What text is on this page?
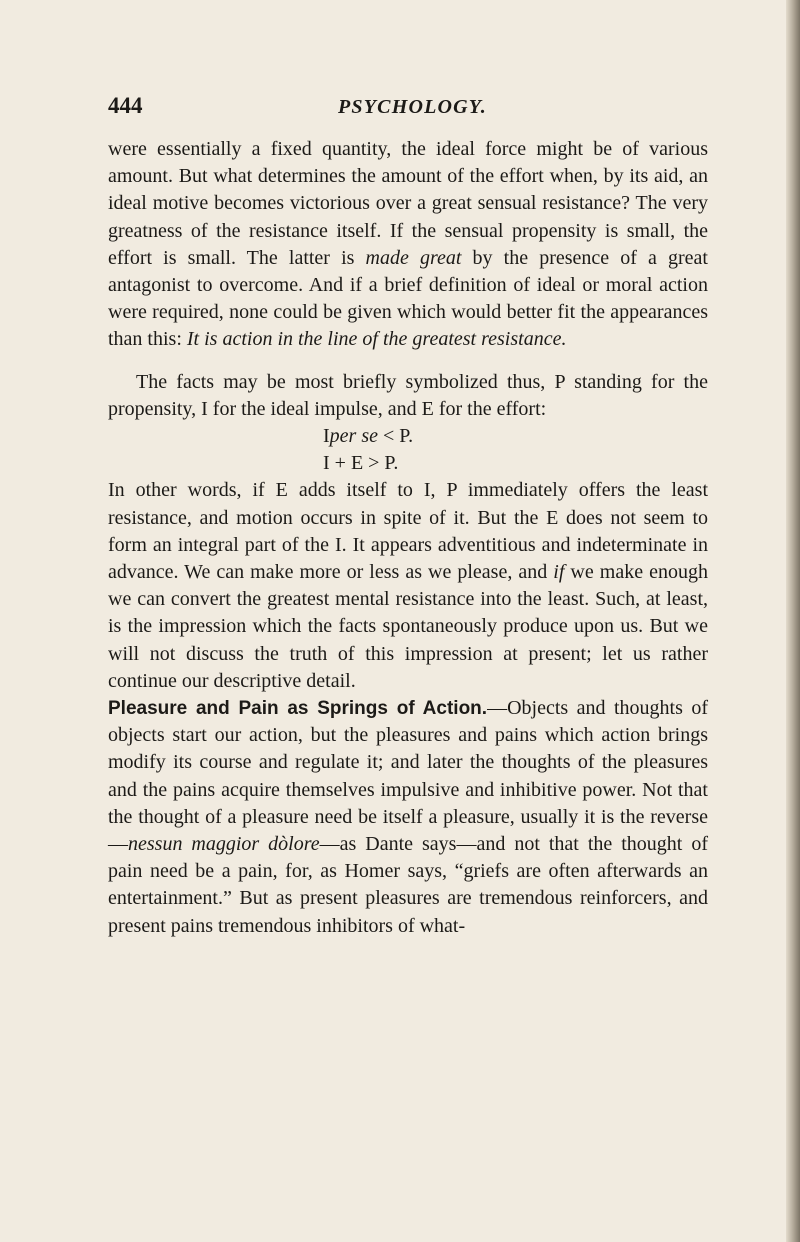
444	PSYCHOLOGY.

were essentially a fixed quantity, the ideal force might be of various amount. But what determines the amount of the effort when, by its aid, an ideal motive becomes victorious over a great sensual resistance? The very greatness of the resistance itself. If the sensual propensity is small, the effort is small. The latter is made great by the presence of a great antagonist to overcome. And if a brief definition of ideal or moral action were required, none could be given which would better fit the appearances than this: It is action in the line of the greatest resistance.

The facts may be most briefly symbolized thus, P standing for the propensity, I for the ideal impulse, and E for the effort:

Iper se < P.
I + E > P.

In other words, if E adds itself to I, P immediately offers the least resistance, and motion occurs in spite of it. But the E does not seem to form an integral part of the I. It appears adventitious and indeterminate in advance. We can make more or less as we please, and if we make enough we can convert the greatest mental resistance into the least. Such, at least, is the impression which the facts spontaneously produce upon us. But we will not discuss the truth of this impression at present; let us rather continue our descriptive detail.

Pleasure and Pain as Springs of Action.—Objects and thoughts of objects start our action, but the pleasures and pains which action brings modify its course and regulate it; and later the thoughts of the pleasures and the pains acquire themselves impulsive and inhibitive power. Not that the thought of a pleasure need be itself a pleasure, usually it is the reverse—nessun maggior dòlore—as Dante says—and not that the thought of pain need be a pain, for, as Homer says, “griefs are often afterwards an entertainment.” But as present pleasures are tremendous reinforcers, and present pains tremendous inhibitors of what-
